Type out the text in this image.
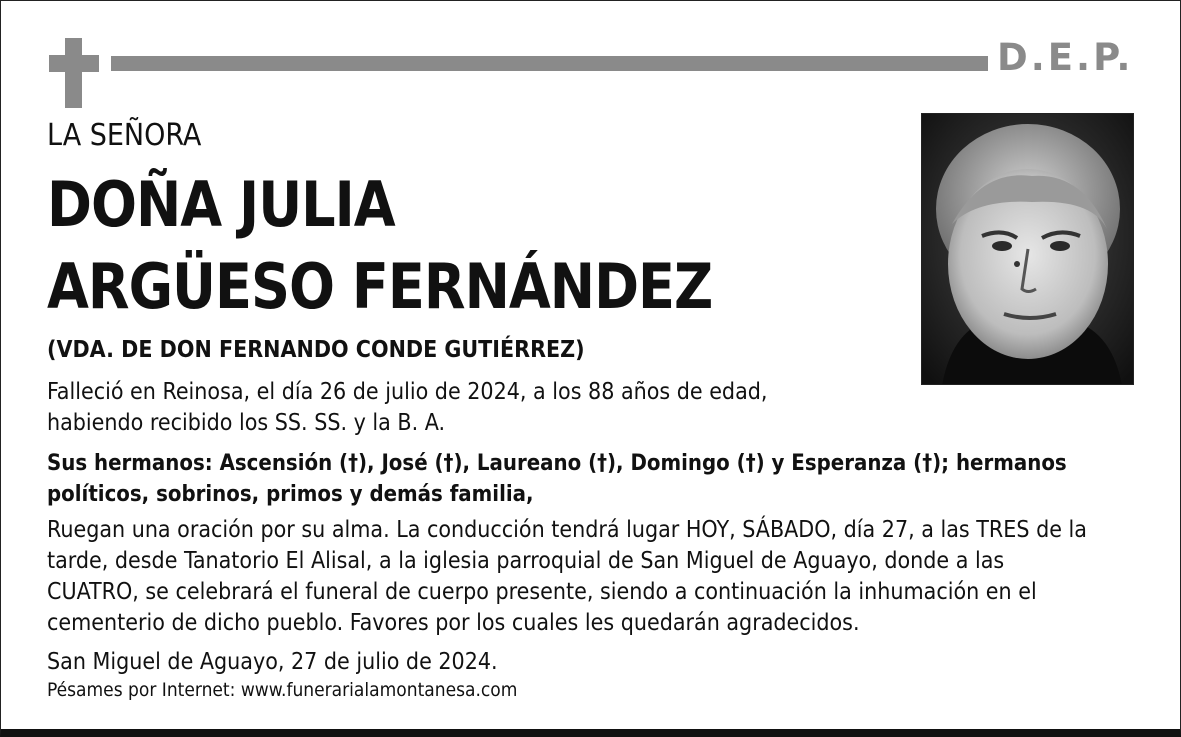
D.E.P.
LA SEÑORA
DOÑA JULIA
ARGÜESO FERNÁNDEZ
(VDA. DE DON FERNANDO CONDE GUTIÉRREZ)
Falleció en Reinosa, el día 26 de julio de 2024, a los 88 años de edad,
habiendo recibido los SS. SS. y la B. A.
Sus hermanos: Ascensión (†), José (†), Laureano (†), Domingo (†) y Esperanza (†); hermanos
políticos, sobrinos, primos y demás familia,
Ruegan una oración por su alma. La conducción tendrá lugar HOY, SÁBADO, día 27, a las TRES de la
tarde, desde Tanatorio El Alisal, a la iglesia parroquial de San Miguel de Aguayo, donde a las
CUATRO, se celebrará el funeral de cuerpo presente, siendo a continuación la inhumación en el
cementerio de dicho pueblo. Favores por los cuales les quedarán agradecidos.
San Miguel de Aguayo, 27 de julio de 2024.
Pésames por Internet: www.funerarialamontanesa.com
